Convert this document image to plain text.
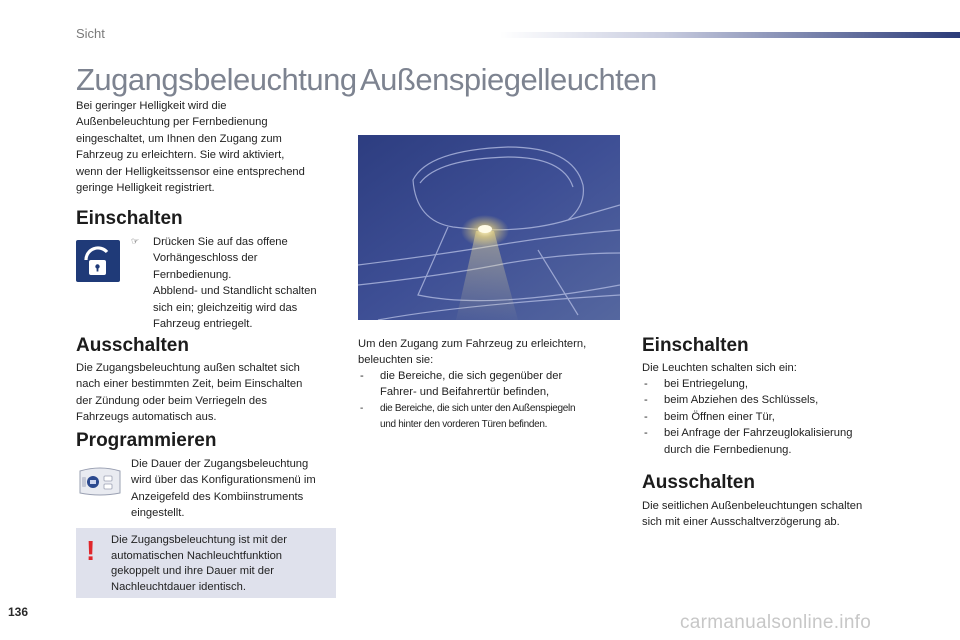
Sicht
Zugangsbeleuchtung
Bei geringer Helligkeit wird die
Außenbeleuchtung per Fernbedienung
eingeschaltet, um Ihnen den Zugang zum
Fahrzeug zu erleichtern. Sie wird aktiviert,
wenn der Helligkeitssensor eine entsprechend
geringe Helligkeit registriert.
Einschalten
☞ Drücken Sie auf das offene
Vorhängeschloss der
Fernbedienung.
Abblend- und Standlicht schalten
sich ein; gleichzeitig wird das
Fahrzeug entriegelt.
Ausschalten
Die Zugangsbeleuchtung außen schaltet sich
nach einer bestimmten Zeit, beim Einschalten
der Zündung oder beim Verriegeln des
Fahrzeugs automatisch aus.
Programmieren
Die Dauer der Zugangsbeleuchtung
wird über das Konfigurationsmenü im
Anzeigefeld des Kombiinstruments
eingestellt.
! Die Zugangsbeleuchtung ist mit der
automatischen Nachleuchtfunktion
gekoppelt und ihre Dauer mit der
Nachleuchtdauer identisch.
Außenspiegelleuchten
Um den Zugang zum Fahrzeug zu erleichtern,
beleuchten sie:
- die Bereiche, die sich gegenüber der
Fahrer- und Beifahrertür befinden,
- die Bereiche, die sich unter den Außenspiegeln
und hinter den vorderen Türen befinden.
Einschalten
Die Leuchten schalten sich ein:
- bei Entriegelung,
- beim Abziehen des Schlüssels,
- beim Öffnen einer Tür,
- bei Anfrage der Fahrzeuglokalisierung
durch die Fernbedienung.
Ausschalten
Die seitlichen Außenbeleuchtungen schalten
sich mit einer Ausschaltverzögerung ab.
136	carmanualsonline.info
